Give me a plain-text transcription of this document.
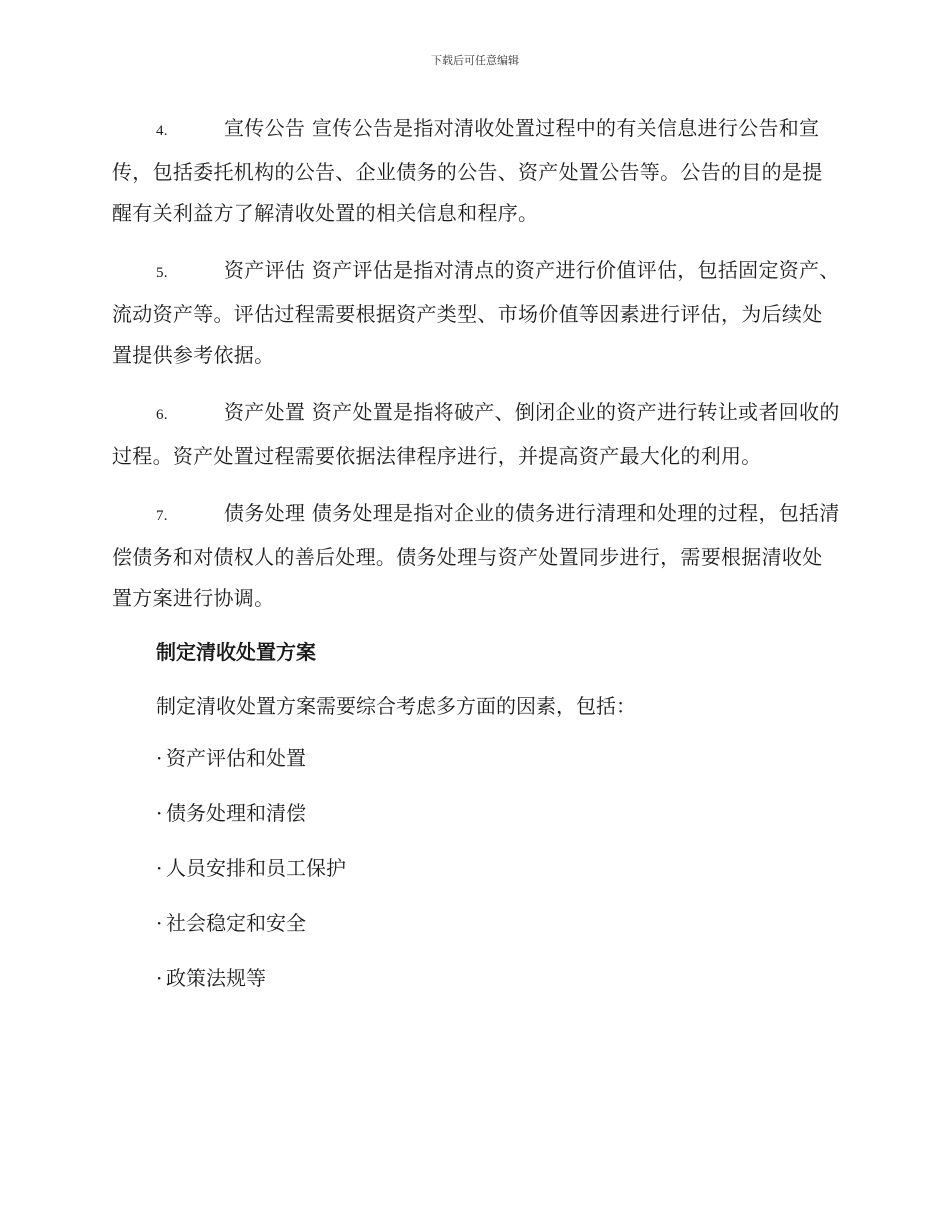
下载后可任意编辑

4.	宣传公告 宣传公告是指对清收处置过程中的有关信息进行公告和宣传，包括委托机构的公告、企业债务的公告、资产处置公告等。公告的目的是提醒有关利益方了解清收处置的相关信息和程序。

5.	资产评估 资产评估是指对清点的资产进行价值评估，包括固定资产、流动资产等。评估过程需要根据资产类型、市场价值等因素进行评估，为后续处置提供参考依据。

6.	资产处置 资产处置是指将破产、倒闭企业的资产进行转让或者回收的过程。资产处置过程需要依据法律程序进行，并提高资产最大化的利用。

7.	债务处理 债务处理是指对企业的债务进行清理和处理的过程，包括清偿债务和对债权人的善后处理。债务处理与资产处置同步进行，需要根据清收处置方案进行协调。

制定清收处置方案
制定清收处置方案需要综合考虑多方面的因素，包括：
· 资产评估和处置
· 债务处理和清偿
· 人员安排和员工保护
· 社会稳定和安全
· 政策法规等
